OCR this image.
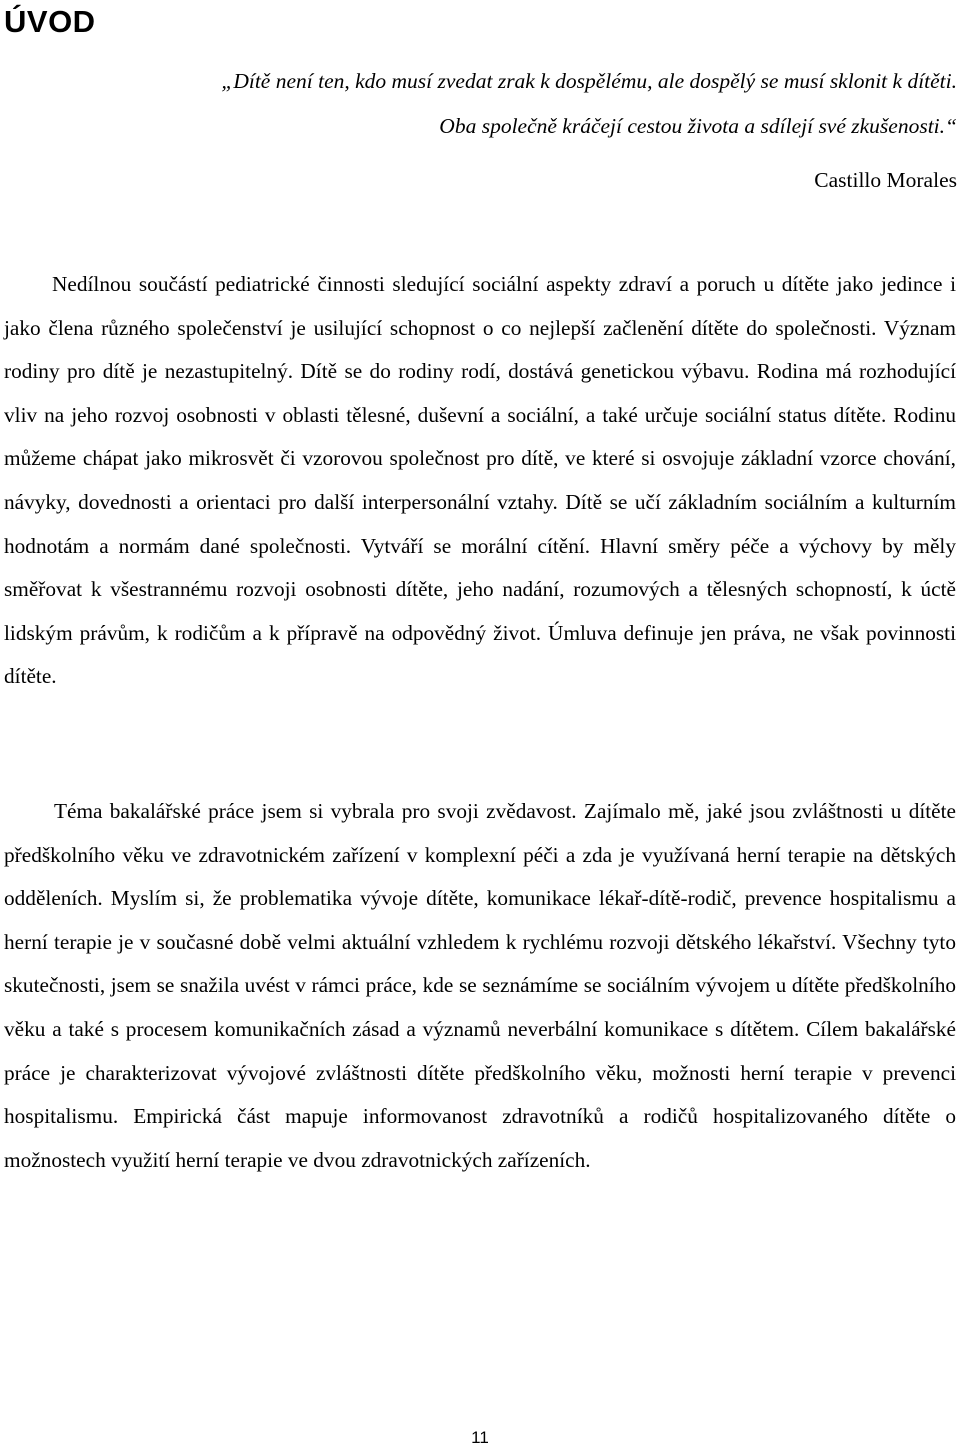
ÚVOD
„Dítě není ten, kdo musí zvedat zrak k dospělému, ale dospělý se musí sklonit k dítěti.
Oba společně kráčejí cestou života a sdílejí své zkušenosti.“
Castillo Morales

Nedílnou součástí pediatrické činnosti sledující sociální aspekty zdraví a poruch u dítěte jako jedince i jako člena různého společenství je usilující schopnost o co nejlepší začlenění dítěte do společnosti. Význam rodiny pro dítě je nezastupitelný. Dítě se do rodiny rodí, dostává genetickou výbavu. Rodina má rozhodující vliv na jeho rozvoj osobnosti v oblasti tělesné, duševní a sociální, a také určuje sociální status dítěte. Rodinu můžeme chápat jako mikrosvět či vzorovou společnost pro dítě, ve které si osvojuje základní vzorce chování, návyky, dovednosti a orientaci pro další interpersonální vztahy. Dítě se učí základním sociálním a kulturním hodnotám a normám dané společnosti. Vytváří se morální cítění. Hlavní směry péče a výchovy by měly směřovat k všestrannému rozvoji osobnosti dítěte, jeho nadání, rozumových a tělesných schopností, k úctě lidským právům, k rodičům a k přípravě na odpovědný život. Úmluva definuje jen práva, ne však povinnosti dítěte.

Téma bakalářské práce jsem si vybrala pro svoji zvědavost. Zajímalo mě, jaké jsou zvláštnosti u dítěte předškolního věku ve zdravotnickém zařízení v komplexní péči a zda je využívaná herní terapie na dětských odděleních. Myslím si, že problematika vývoje dítěte, komunikace lékař-dítě-rodič, prevence hospitalismu a herní terapie je v současné době velmi aktuální vzhledem k rychlému rozvoji dětského lékařství. Všechny tyto skutečnosti, jsem se snažila uvést v rámci práce, kde se seznámíme se sociálním vývojem u dítěte předškolního věku a také s procesem komunikačních zásad a významů neverbální komunikace s dítětem. Cílem bakalářské práce je charakterizovat vývojové zvláštnosti dítěte předškolního věku, možnosti herní terapie v prevenci hospitalismu. Empirická část mapuje informovanost zdravotníků a rodičů hospitalizovaného dítěte o možnostech využití herní terapie ve dvou zdravotnických zařízeních.

11
